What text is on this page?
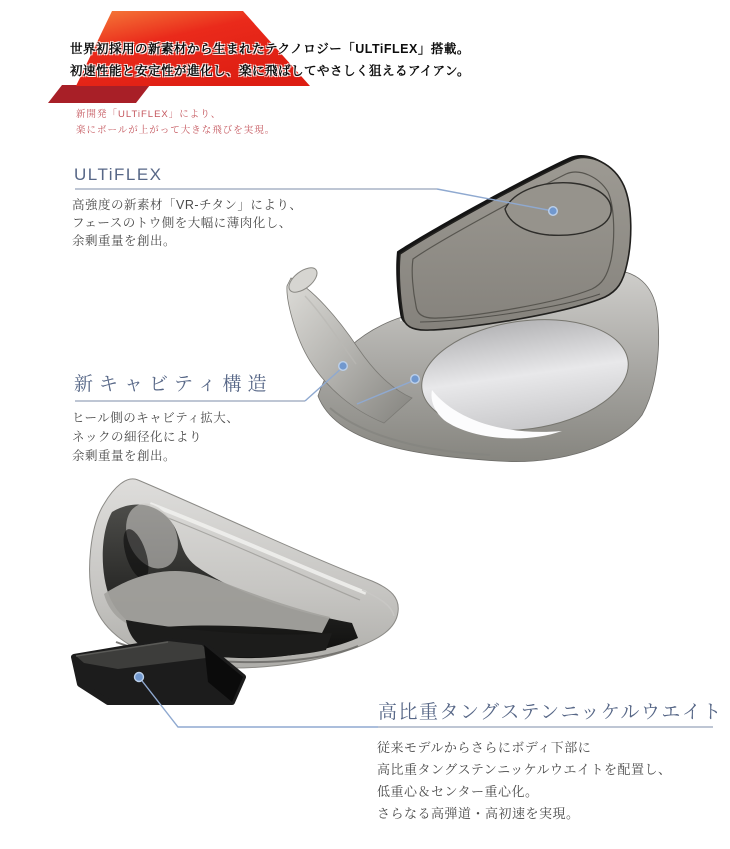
世界初採用の新素材から生まれたテクノロジー「ULTiFLEX」搭載。
初速性能と安定性が進化し、楽に飛ばしてやさしく狙えるアイアン。
新開発「ULTiFLEX」により、
楽にボールが上がって大きな飛びを実現。
ULTiFLEX
高強度の新素材「VR-チタン」により、
フェースのトウ側を大幅に薄肉化し、
余剰重量を創出。
新キャビティ構造
ヒール側のキャビティ拡大、
ネックの細径化により
余剰重量を創出。
高比重タングステンニッケルウエイト
従来モデルからさらにボディ下部に
高比重タングステンニッケルウエイトを配置し、
低重心＆センター重心化。
さらなる高弾道・高初速を実現。
